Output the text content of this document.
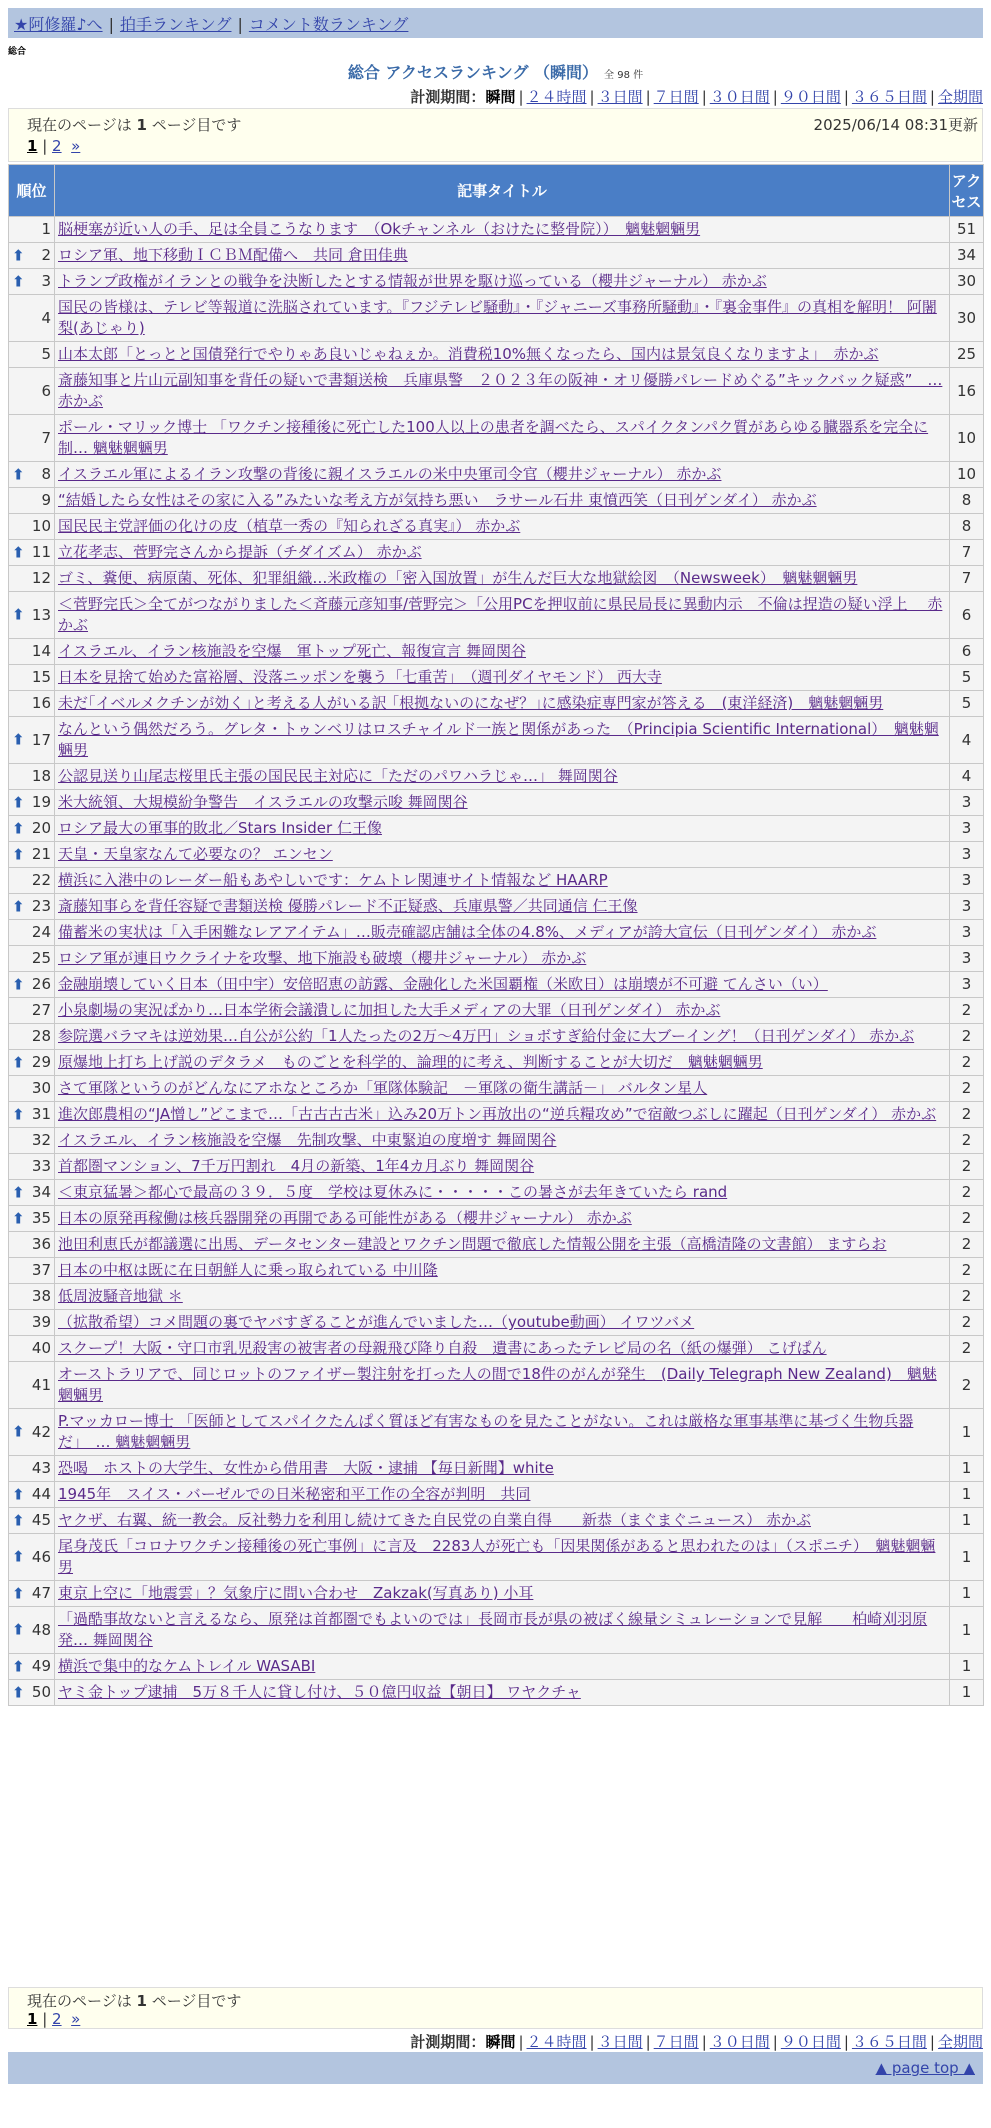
★阿修羅♪へ | 拍手ランキング | コメント数ランキング
総合
総合 アクセスランキング （瞬間） 全 98 件
計測期間：瞬間 | ２４時間 | ３日間 | ７日間 | ３０日間 | ９０日間 | ３６５日間 | 全期間
現在のページは 1 ページ目です	2025/06/14 08:31更新
1 | 2 »
順位	記事タイトル	アクセス
1	脳梗塞が近い人の手、足は全員こうなります　（Okチャンネル（おけたに整骨院））　魑魅魍魎男	51

⬆ 2	ロシア軍、地下移動ＩＣＢＭ配備へ　共同 倉田佳典	34

⬆ 3	トランプ政権がイランとの戦争を決断したとする情報が世界を駆け巡っている（櫻井ジャーナル） 赤かぶ	30
4	国民の皆様は、テレビ等報道に洗脳されています。『フジテレビ騒動』・『ジャニーズ事務所騒動』・『裏金事件』の真相を解明！ 阿闍梨(あじゃり)	30
5	山本太郎「とっとと国債発行でやりゃあ良いじゃねぇか。消費税10%無くなったら、国内は景気良くなりますよ」　赤かぶ	25
6	斎藤知事と片山元副知事を背任の疑いで書類送検　兵庫県警　２０２３年の阪神・オリ優勝パレードめぐる”キックバック疑惑”　… 赤かぶ	16
7	ポール・マリック博士 「ワクチン接種後に死亡した100人以上の患者を調べたら、スパイクタンパク質があらゆる臓器系を完全に制… 魑魅魍魎男	10

⬆ 8	イスラエル軍によるイラン攻撃の背後に親イスラエルの米中央軍司令官（櫻井ジャーナル） 赤かぶ	10
9	“結婚したら女性はその家に入る”みたいな考え方が気持ち悪い　ラサール石井 東憤西笑（日刊ゲンダイ） 赤かぶ	8
10	国民民主党評価の化けの皮（植草一秀の『知られざる真実』） 赤かぶ	8

⬆ 11	立花孝志、菅野完さんから提訴（チダイズム） 赤かぶ	7
12	ゴミ、糞便、病原菌、死体、犯罪組織…米政権の「密入国放置」が生んだ巨大な地獄絵図　（Newsweek）　魑魅魍魎男	7

⬆ 13	＜菅野完氏＞全てがつながりました＜斉藤元彦知事/菅野完＞「公用PCを押収前に県民局長に異動内示　不倫は捏造の疑い浮上　 赤かぶ	6
14	イスラエル、イラン核施設を空爆　軍トップ死亡、報復宣言 舞岡関谷	6
15	日本を見捨て始めた富裕層、没落ニッポンを襲う「七重苦」　（週刊ダイヤモンド） 西大寺	5
16	未だ｢イベルメクチンが効く｣と考える人がいる訳 ｢根拠ないのになぜ？｣に感染症専門家が答える　(東洋経済)　魑魅魍魎男	5

⬆ 17	なんという偶然だろう。グレタ・トゥンベリはロスチャイルド一族と関係があった　（Principia Scientific International）　魑魅魍魎男	4
18	公認見送り山尾志桜里氏主張の国民民主対応に「ただのパワハラじゃ…」 舞岡関谷	4

⬆ 19	米大統領、大規模紛争警告　イスラエルの攻撃示唆 舞岡関谷	3

⬆ 20	ロシア最大の軍事的敗北／Stars Insider 仁王像	3

⬆ 21	天皇・天皇家なんて必要なの？ エンセン	3
22	横浜に入港中のレーダー船もあやしいです：ケムトレ関連サイト情報など HAARP	3

⬆ 23	斎藤知事らを背任容疑で書類送検 優勝パレード不正疑惑、兵庫県警／共同通信 仁王像	3
24	備蓄米の実状は「入手困難なレアアイテム」…販売確認店舗は全体の4.8%、メディアが誇大宣伝（日刊ゲンダイ） 赤かぶ	3
25	ロシア軍が連日ウクライナを攻撃、地下施設も破壊（櫻井ジャーナル） 赤かぶ	3

⬆ 26	金融崩壊していく日本（田中宇）安倍昭恵の訪露、金融化した米国覇権（米欧日）は崩壊が不可避 てんさい（い）	3
27	小泉劇場の実況ぱかり…日本学術会議潰しに加担した大手メディアの大罪（日刊ゲンダイ） 赤かぶ	2
28	参院選バラマキは逆効果…自公が公約「1人たったの2万～4万円」ショボすぎ給付金に大ブーイング！（日刊ゲンダイ） 赤かぶ	2

⬆ 29	原爆地上打ち上げ説のデタラメ　ものごとを科学的、論理的に考え、判断することが大切だ　魑魅魍魎男	2
30	さて軍隊というのがどんなにアホなところか「軍隊体験記　－軍隊の衛生講話－」 バルタン星人	2

⬆ 31	進次郎農相の“JA憎し”どこまで…「古古古古米」込み20万トン再放出の“逆兵糧攻め”で宿敵つぶしに躍起（日刊ゲンダイ） 赤かぶ	2
32	イスラエル、イラン核施設を空爆　先制攻撃、中東緊迫の度増す 舞岡関谷	2
33	首都圏マンション、7千万円割れ　4月の新築、1年4カ月ぶり 舞岡関谷	2

⬆ 34	＜東京猛暑＞都心で最高の３９．５度　学校は夏休みに・・・・・この暑さが去年きていたら rand	2

⬆ 35	日本の原発再稼働は核兵器開発の再開である可能性がある（櫻井ジャーナル） 赤かぶ	2
36	池田利恵氏が都議選に出馬、データセンター建設とワクチン問題で徹底した情報公開を主張（高橋清隆の文書館） ますらお	2
37	日本の中枢は既に在日朝鮮人に乗っ取られている 中川隆	2
38	低周波騒音地獄 ＊	2
39	（拡散希望）コメ問題の裏でヤバすぎることが進んでいました…（youtube動画） イワツバメ	2
40	スクープ！大阪・守口市乳児殺害の被害者の母親飛び降り自殺　遺書にあったテレビ局の名（紙の爆弾） こげぱん	2
41	オーストラリアで、同じロットのファイザー製注射を打った人の間で18件のがんが発生　(Daily Telegraph New Zealand)　魑魅魍魎男	2

⬆ 42	P.マッカロー博士 「医師としてスパイクたんぱく質ほど有害なものを見たことがない。これは厳格な軍事基準に基づく生物兵器だ」　… 魑魅魍魎男	1
43	恐喝　ホストの大学生、女性から借用書　大阪・逮捕 【毎日新聞】white	1

⬆ 44	1945年　スイス・バーゼルでの日米秘密和平工作の全容が判明　共同	1

⬆ 45	ヤクザ、右翼、統一教会。反社勢力を利用し続けてきた自民党の自業自得　　新恭（まぐまぐニュース） 赤かぶ	1

⬆ 46	尾身茂氏「コロナワクチン接種後の死亡事例」に言及　2283人が死亡も「因果関係があると思われたのは」（スポニチ）　魑魅魍魎男	1

⬆ 47	東京上空に「地震雲」？気象庁に問い合わせ　Zakzak(写真あり) 小耳	1

⬆ 48	「過酷事故ないと言えるなら、原発は首都圏でもよいのでは」長岡市長が県の被ばく線量シミュレーションで見解　　柏崎刈羽原発… 舞岡関谷	1

⬆ 49	横浜で集中的なケムトレイル WASABI	1

⬆ 50	ヤミ金トップ逮捕　5万８千人に貸し付け、５０億円収益【朝日】 ワヤクチャ	1
現在のページは 1 ページ目です
1 | 2 »
計測期間：瞬間 | ２４時間 | ３日間 | ７日間 | ３０日間 | ９０日間 | ３６５日間 | 全期間
▲ page top ▲
